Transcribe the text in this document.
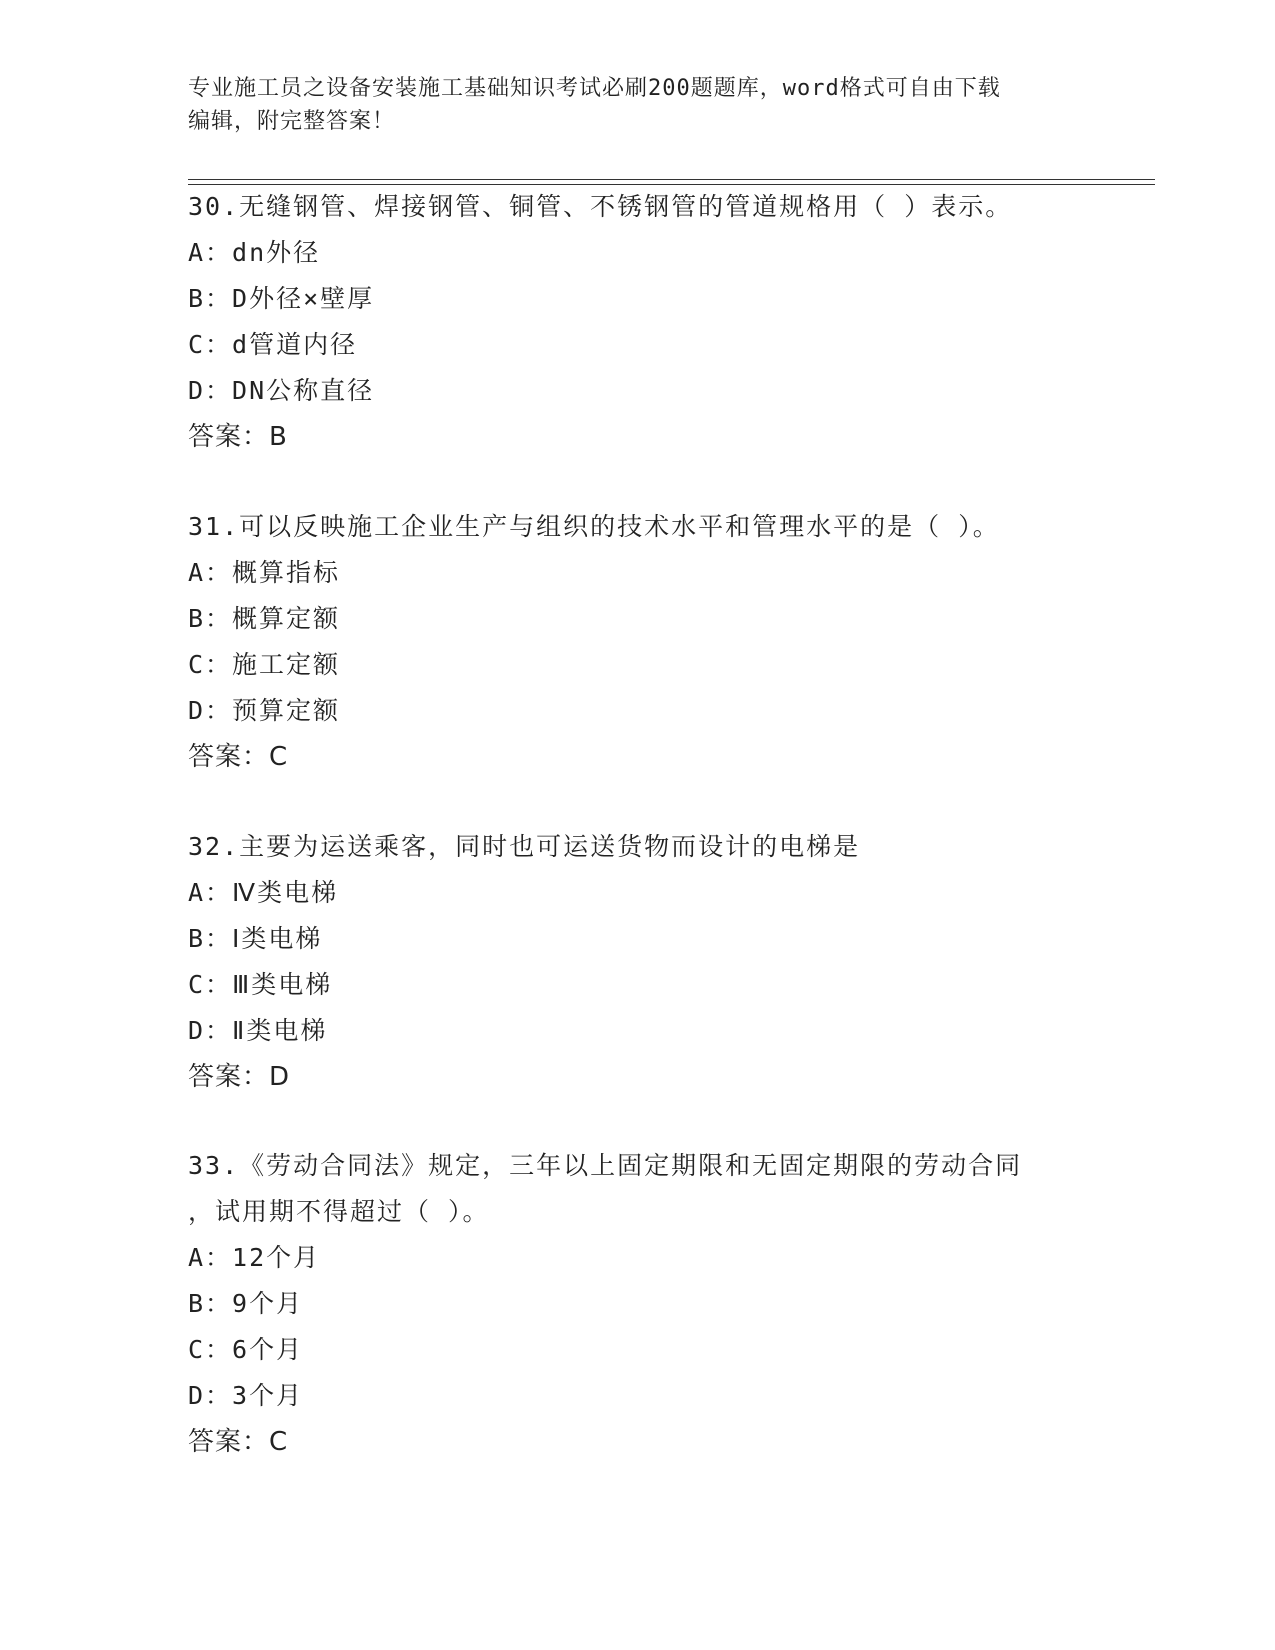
专业施工员之设备安装施工基础知识考试必刷200题题库，word格式可自由下载
编辑，附完整答案！
30.无缝钢管、焊接钢管、铜管、不锈钢管的管道规格用（ ）表示。
A：dn外径
B：D外径×壁厚
C：d管道内径
D：DN公称直径
答案：B
31.可以反映施工企业生产与组织的技术水平和管理水平的是（ ）。
A：概算指标
B：概算定额
C：施工定额
D：预算定额
答案：C
32.主要为运送乘客，同时也可运送货物而设计的电梯是
A：Ⅳ类电梯
B：Ⅰ类电梯
C：Ⅲ类电梯
D：Ⅱ类电梯
答案：D
33.《劳动合同法》规定，三年以上固定期限和无固定期限的劳动合同
，试用期不得超过（ ）。
A：12个月
B：9个月
C：6个月
D：3个月
答案：C
